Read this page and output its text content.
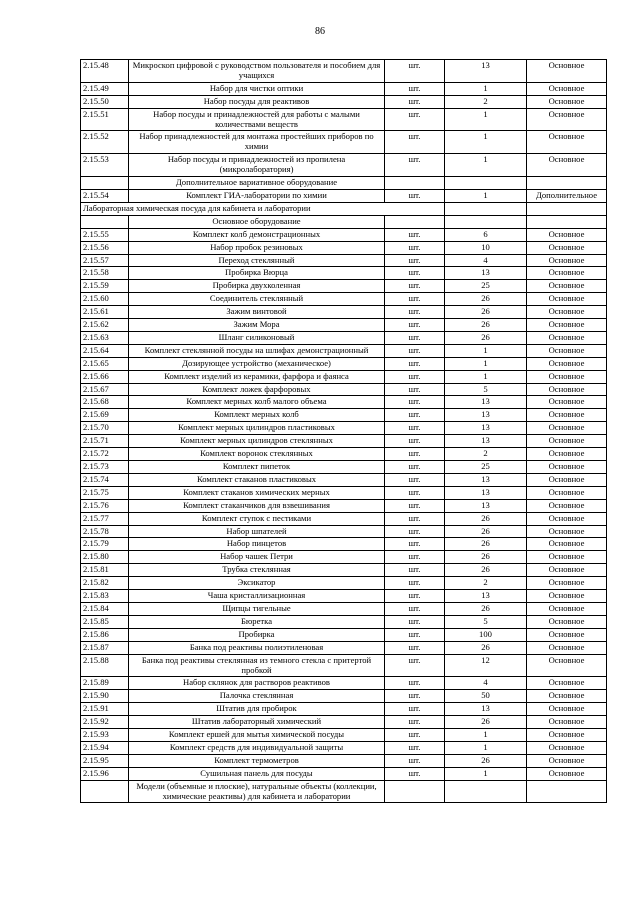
86
2.15.48	Микроскоп цифровой с руководством пользователя и пособием для учащихся	шт.	13	Основное
2.15.49	Набор для чистки оптики	шт.	1	Основное
2.15.50	Набор посуды для реактивов	шт.	2	Основное
2.15.51	Набор посуды и принадлежностей для работы с малыми количествами веществ	шт.	1	Основное
2.15.52	Набор принадлежностей для монтажа простейших приборов по химии	шт.	1	Основное
2.15.53	Набор посуды и принадлежностей из пропилена (микролаборатория)	шт.	1	Основное
	Дополнительное вариативное оборудование			
2.15.54	Комплект ГИА-лаборатории по химии	шт.	1	Дополнительное
Лабораторная химическая посуда для кабинета и лаборатории				
	Основное оборудование			
2.15.55	Комплект колб демонстрационных	шт.	6	Основное
2.15.56	Набор пробок резиновых	шт.	10	Основное
2.15.57	Переход стеклянный	шт.	4	Основное
2.15.58	Пробирка Вюрца	шт.	13	Основное
2.15.59	Пробирка двухколенная	шт.	25	Основное
2.15.60	Соединитель стеклянный	шт.	26	Основное
2.15.61	Зажим винтовой	шт.	26	Основное
2.15.62	Зажим Мора	шт.	26	Основное
2.15.63	Шланг силиконовый	шт.	26	Основное
2.15.64	Комплект стеклянной посуды на шлифах демонстрационный	шт.	1	Основное
2.15.65	Дозирующее устройство (механическое)	шт.	1	Основное
2.15.66	Комплект изделий из керамики, фарфора и фаянса	шт.	1	Основное
2.15.67	Комплект ложек фарфоровых	шт.	5	Основное
2.15.68	Комплект мерных колб малого объема	шт.	13	Основное
2.15.69	Комплект мерных колб	шт.	13	Основное
2.15.70	Комплект мерных цилиндров пластиковых	шт.	13	Основное
2.15.71	Комплект мерных цилиндров стеклянных	шт.	13	Основное
2.15.72	Комплект воронок стеклянных	шт.	2	Основное
2.15.73	Комплект пипеток	шт.	25	Основное
2.15.74	Комплект стаканов пластиковых	шт.	13	Основное
2.15.75	Комплект стаканов химических мерных	шт.	13	Основное
2.15.76	Комплект стаканчиков для взвешивания	шт.	13	Основное
2.15.77	Комплект ступок с пестиками	шт.	26	Основное
2.15.78	Набор шпателей	шт.	26	Основное
2.15.79	Набор пинцетов	шт.	26	Основное
2.15.80	Набор чашек Петри	шт.	26	Основное
2.15.81	Трубка стеклянная	шт.	26	Основное
2.15.82	Эксикатор	шт.	2	Основное
2.15.83	Чаша кристаллизационная	шт.	13	Основное
2.15.84	Щипцы тигельные	шт.	26	Основное
2.15.85	Бюретка	шт.	5	Основное
2.15.86	Пробирка	шт.	100	Основное
2.15.87	Банка под реактивы полиэтиленовая	шт.	26	Основное
2.15.88	Банка под реактивы стеклянная из темного стекла с притертой пробкой	шт.	12	Основное
2.15.89	Набор склянок для растворов реактивов	шт.	4	Основное
2.15.90	Палочка стеклянная	шт.	50	Основное
2.15.91	Штатив для пробирок	шт.	13	Основное
2.15.92	Штатив лабораторный химический	шт.	26	Основное
2.15.93	Комплект ершей для мытья химической посуды	шт.	1	Основное
2.15.94	Комплект средств для индивидуальной защиты	шт.	1	Основное
2.15.95	Комплект термометров	шт.	26	Основное
2.15.96	Сушильная панель для посуды	шт.	1	Основное
	Модели (объемные и плоские), натуральные объекты (коллекции, химические реактивы) для кабинета и лаборатории			
